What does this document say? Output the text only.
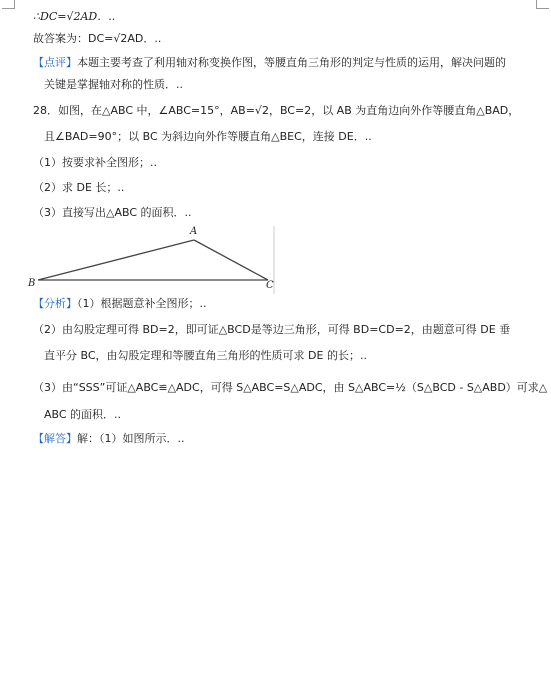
∴DC=√2AD．..
故答案为：DC=√2AD．..
【点评】本题主要考查了利用轴对称变换作图，等腰直角三角形的判定与性质的运用，解决问题的
关键是掌握轴对称的性质．..
28．如图，在△ABC 中，∠ABC=15°，AB=√2，BC=2，以 AB 为直角边向外作等腰直角△BAD，
且∠BAD=90°；以 BC 为斜边向外作等腰直角△BEC，连接 DE．..
（1）按要求补全图形；..
（2）求 DE 长；..
（3）直接写出△ABC 的面积．..
A
B	C
【分析】（1）根据题意补全图形；..
（2）由勾股定理可得 BD=2，即可证△BCD是等边三角形，可得 BD=CD=2，由题意可得 DE 垂
直平分 BC，由勾股定理和等腰直角三角形的性质可求 DE 的长；..
（3）由“SSS”可证△ABC≌△ADC，可得 S△ABC=S△ADC，由 S△ABC=½（S△BCD - S△ABD）可求△
ABC 的面积．..
【解答】解：（1）如图所示．..
